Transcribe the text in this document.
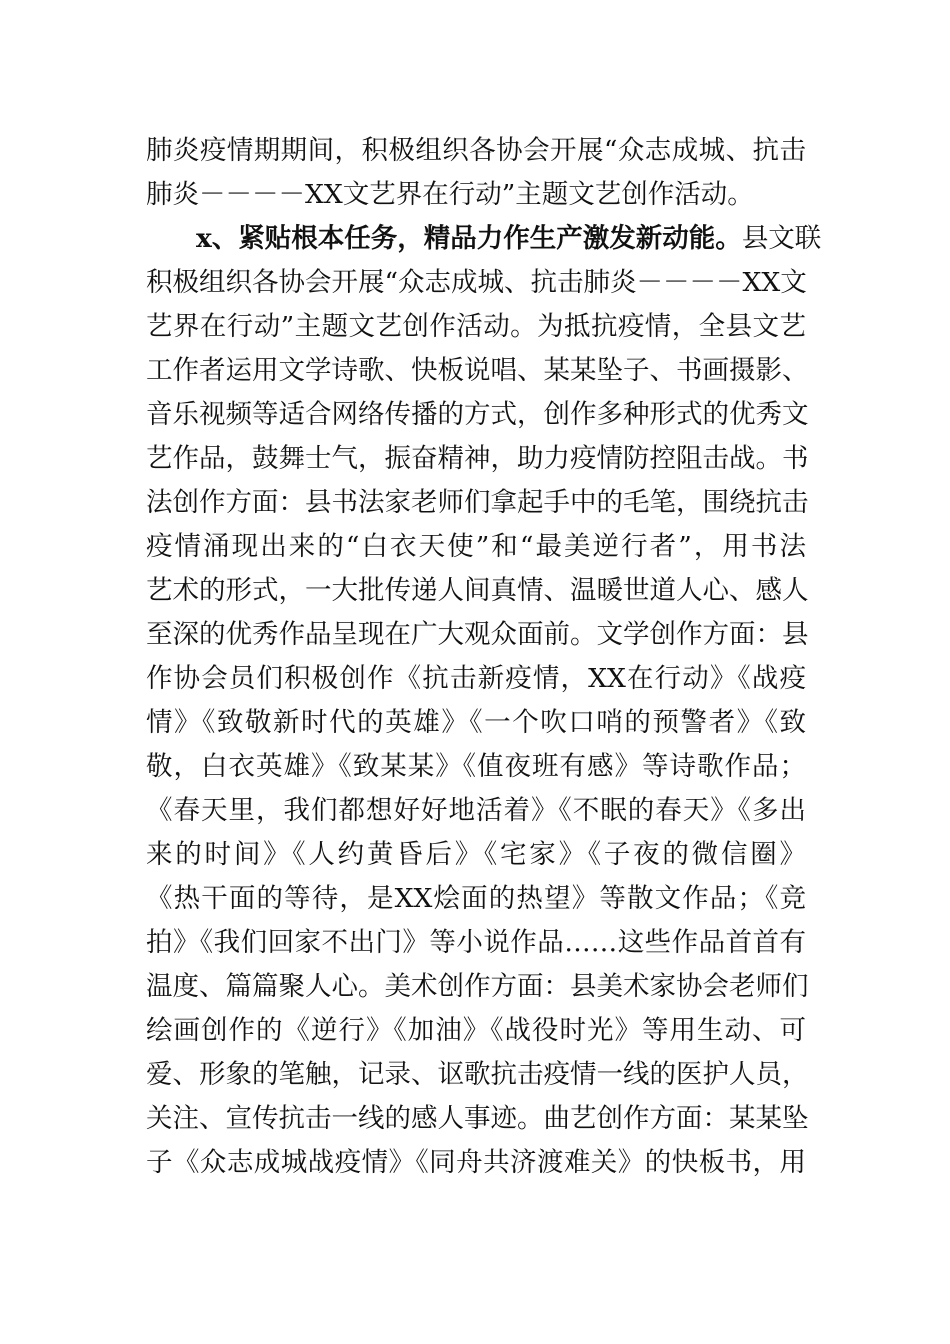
肺炎疫情期期间，积极组织各协会开展“众志成城、抗击
肺炎－－－－XX文艺界在行动”主题文艺创作活动。
x、紧贴根本任务，精品力作生产激发新动能。县文联
积极组织各协会开展“众志成城、抗击肺炎－－－－XX文
艺界在行动”主题文艺创作活动。为抵抗疫情，全县文艺
工作者运用文学诗歌、快板说唱、某某坠子、书画摄影、
音乐视频等适合网络传播的方式，创作多种形式的优秀文
艺作品，鼓舞士气，振奋精神，助力疫情防控阻击战。书
法创作方面：县书法家老师们拿起手中的毛笔，围绕抗击
疫情涌现出来的“白衣天使”和“最美逆行者”，用书法
艺术的形式，一大批传递人间真情、温暖世道人心、感人
至深的优秀作品呈现在广大观众面前。文学创作方面：县
作协会员们积极创作《抗击新疫情，XX在行动》《战疫
情》《致敬新时代的英雄》《一个吹口哨的预警者》《致
敬，白衣英雄》《致某某》《值夜班有感》等诗歌作品；
《春天里，我们都想好好地活着》《不眠的春天》《多出
来的时间》《人约黄昏后》《宅家》《子夜的微信圈》
《热干面的等待，是XX烩面的热望》等散文作品；《竞
拍》《我们回家不出门》等小说作品……这些作品首首有
温度、篇篇聚人心。美术创作方面：县美术家协会老师们
绘画创作的《逆行》《加油》《战役时光》等用生动、可
爱、形象的笔触，记录、讴歌抗击疫情一线的医护人员，
关注、宣传抗击一线的感人事迹。曲艺创作方面：某某坠
子《众志成城战疫情》《同舟共济渡难关》的快板书，用
